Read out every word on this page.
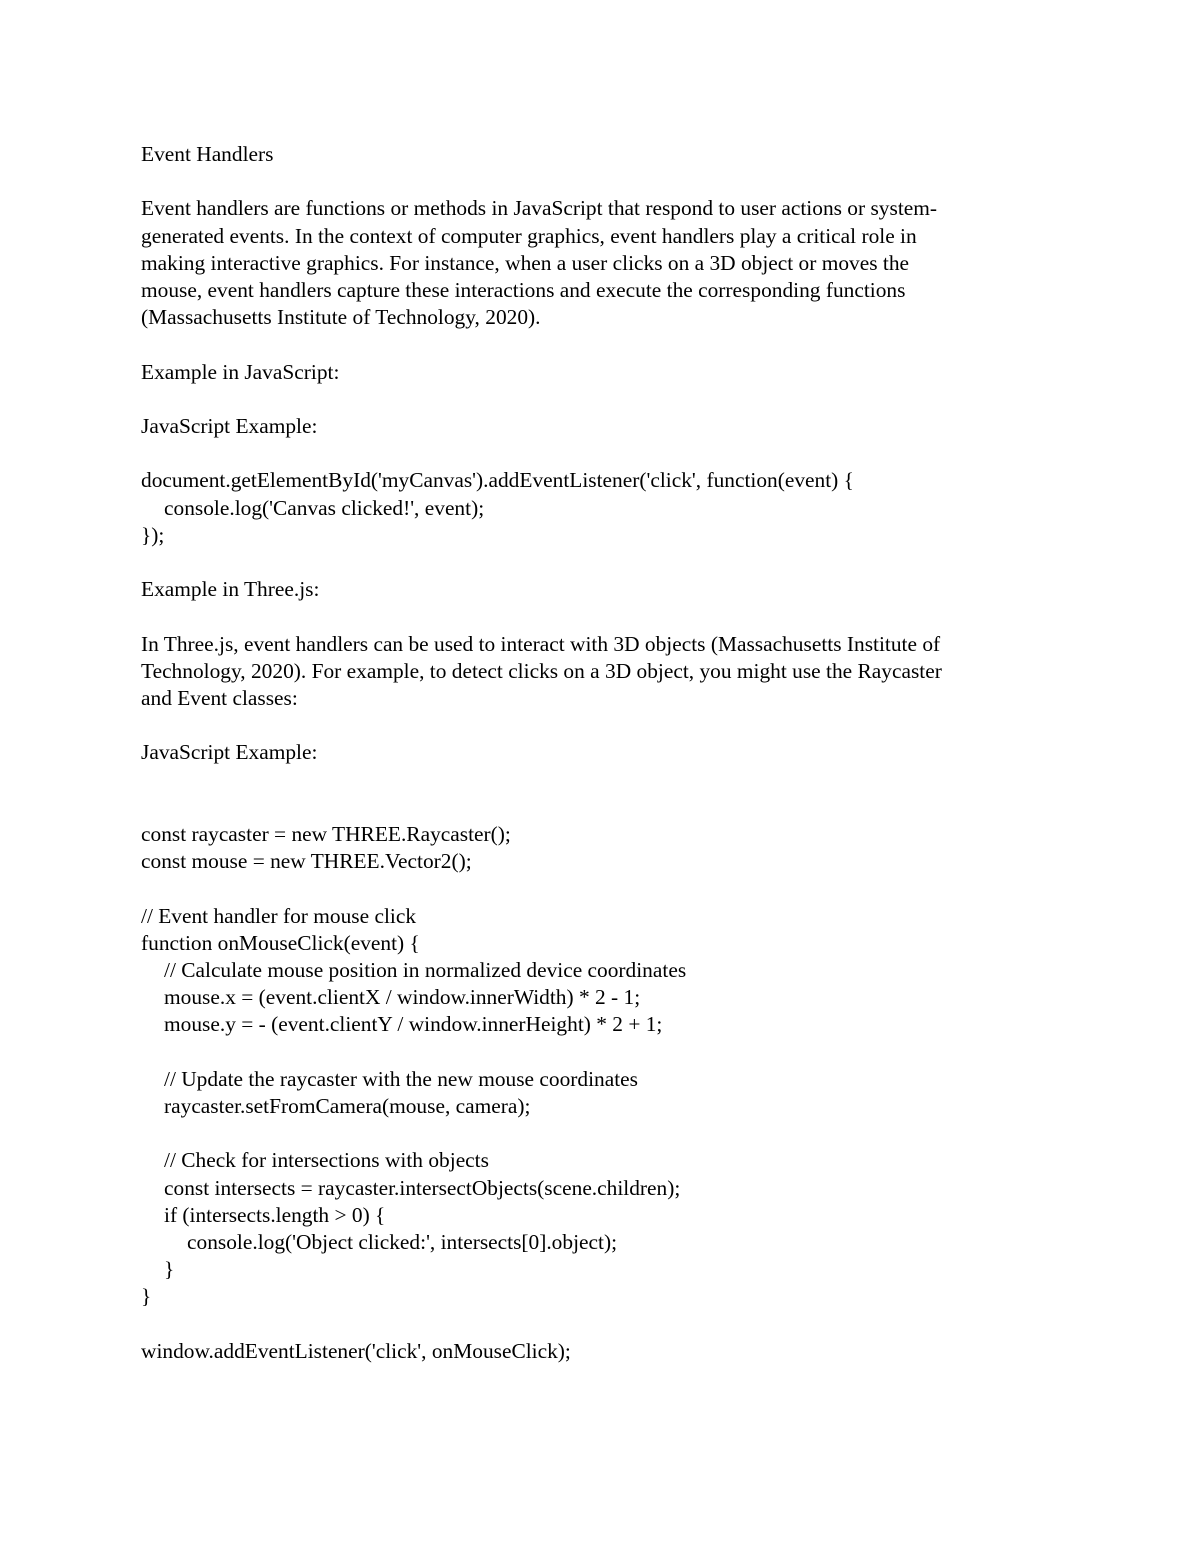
Event Handlers
Event handlers are functions or methods in JavaScript that respond to user actions or system-
generated events. In the context of computer graphics, event handlers play a critical role in
making interactive graphics. For instance, when a user clicks on a 3D object or moves the
mouse, event handlers capture these interactions and execute the corresponding functions
(Massachusetts Institute of Technology, 2020).
Example in JavaScript:
JavaScript Example:
document.getElementById('myCanvas').addEventListener('click', function(event) {
console.log('Canvas clicked!', event);
});
Example in Three.js:
In Three.js, event handlers can be used to interact with 3D objects (Massachusetts Institute of
Technology, 2020). For example, to detect clicks on a 3D object, you might use the Raycaster
and Event classes:
JavaScript Example:
const raycaster = new THREE.Raycaster();
const mouse = new THREE.Vector2();
// Event handler for mouse click
function onMouseClick(event) {
// Calculate mouse position in normalized device coordinates
mouse.x = (event.clientX / window.innerWidth) * 2 - 1;
mouse.y = - (event.clientY / window.innerHeight) * 2 + 1;
// Update the raycaster with the new mouse coordinates
raycaster.setFromCamera(mouse, camera);
// Check for intersections with objects
const intersects = raycaster.intersectObjects(scene.children);
if (intersects.length > 0) {
console.log('Object clicked:', intersects[0].object);
}
}
window.addEventListener('click', onMouseClick);
